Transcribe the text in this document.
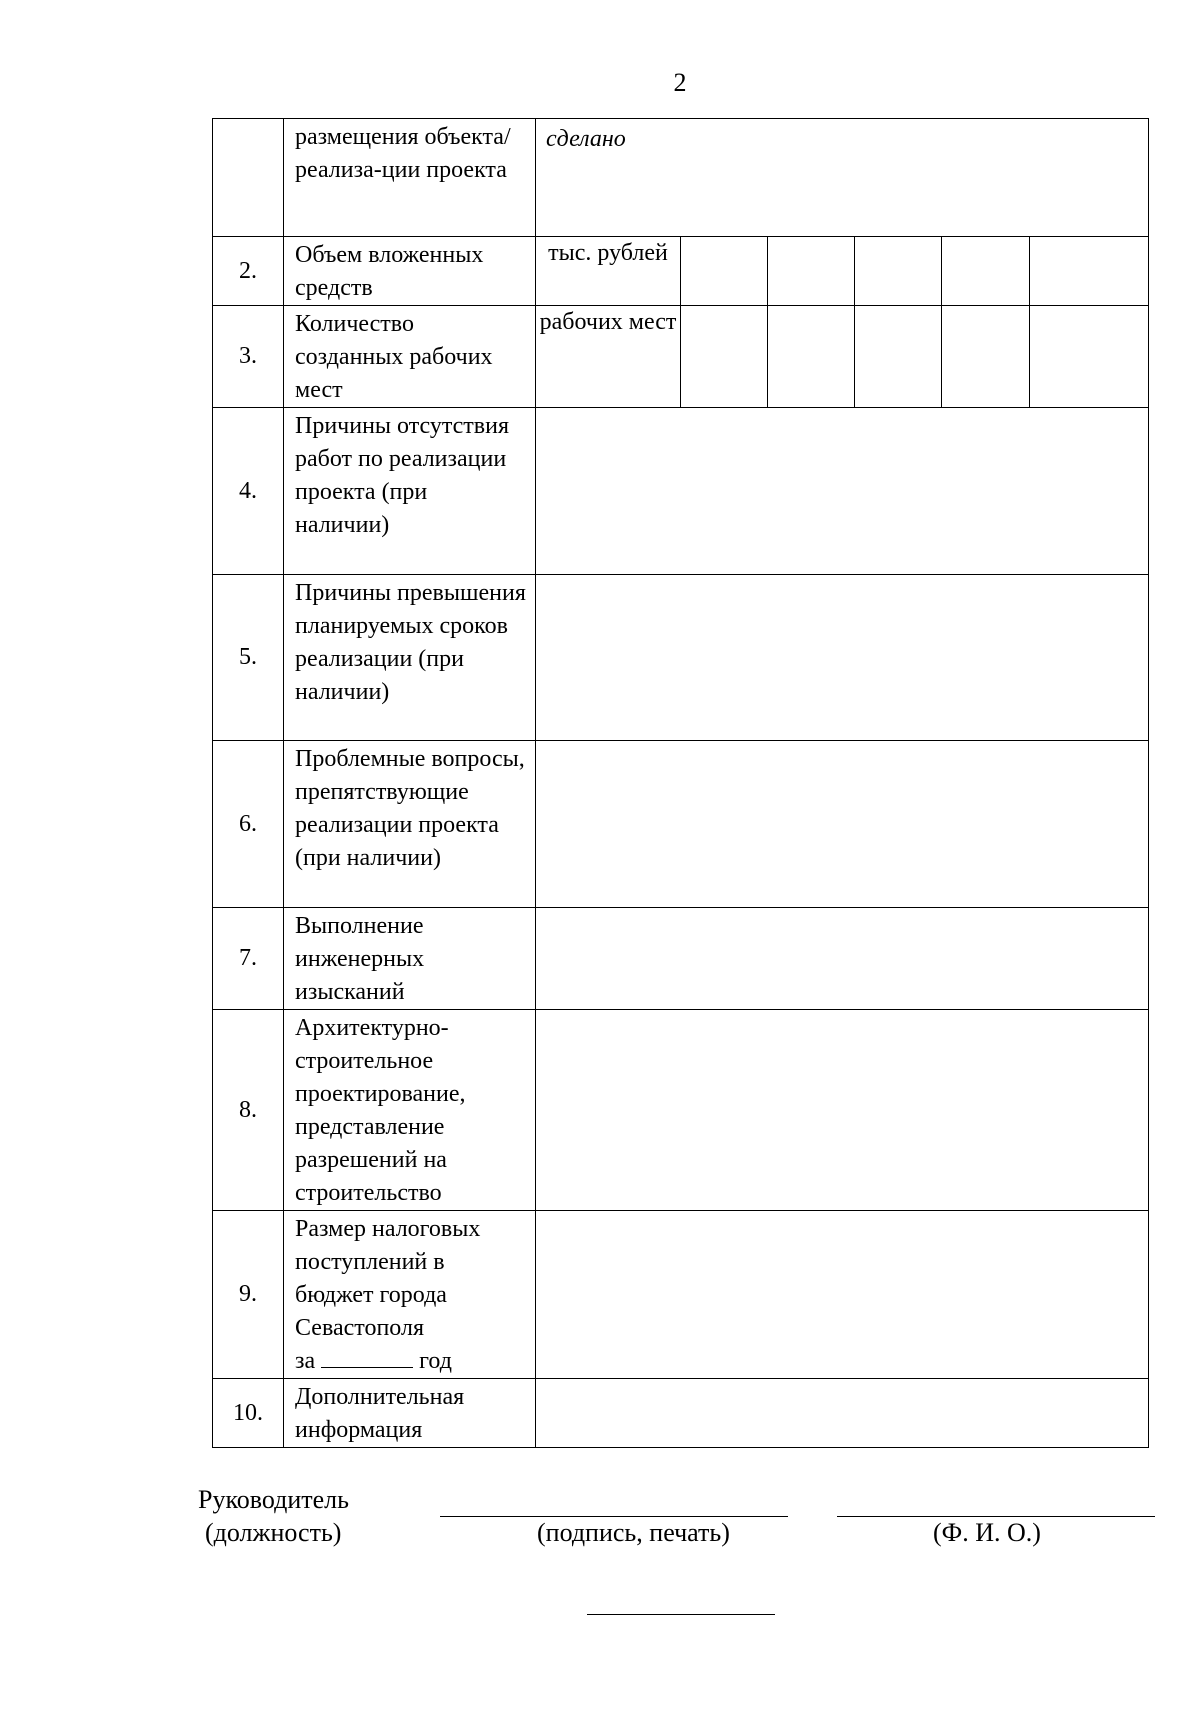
2
	размещения объекта/реализа-ции проекта	сделано					
2.	Объем вложенных средств	тыс. рублей					
3.	Количество созданных рабочих мест	рабочих мест					
4.	Причины отсутствия работ по реализации проекта (при наличии)						
5.	Причины превышения планируемых сроков реализации (при наличии)						
6.	Проблемные вопросы, препятствующие реализации проекта (при наличии)						
7.	Выполнение инженерных изысканий						
8.	Архитектурно-строительное проектирование, представление разрешений на строительство						
9.	Размер налоговых поступлений в бюджет города Севастополя
за год						
10.	Дополнительная информация						
Руководитель
(должность)	(подпись, печать)	(Ф. И. О.)
